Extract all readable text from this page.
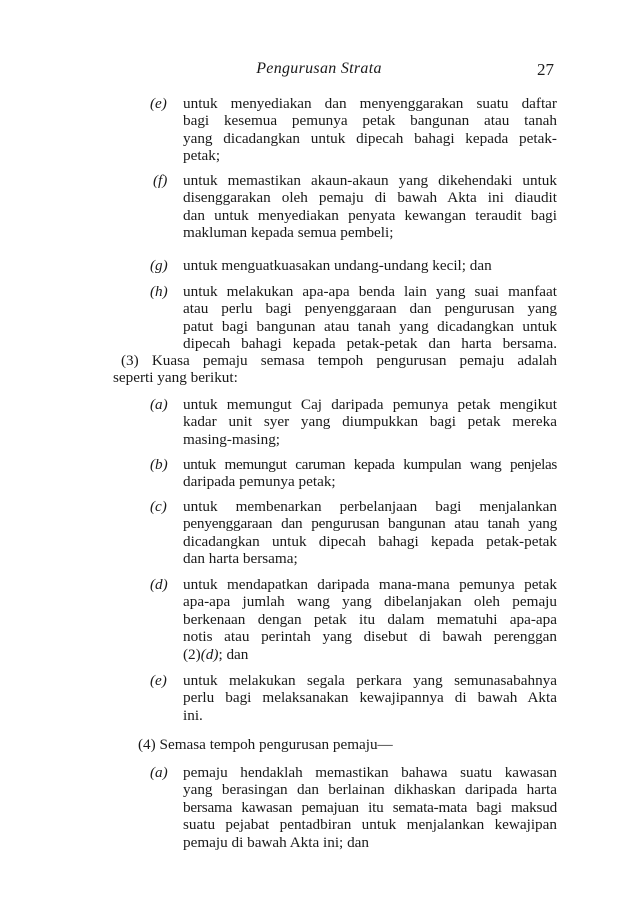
Pengurusan Strata	27
(e)	untuk menyediakan dan menyenggarakan suatu daftar
bagi kesemua pemunya petak bangunan atau tanah
yang dicadangkan untuk dipecah bahagi kepada petak-
petak;
(f)	untuk memastikan akaun-akaun yang dikehendaki untuk
disenggarakan oleh pemaju di bawah Akta ini diaudit
dan untuk menyediakan penyata kewangan teraudit bagi
makluman kepada semua pembeli;
(g)	untuk menguatkuasakan undang-undang kecil; dan
(h)	untuk melakukan apa-apa benda lain yang suai manfaat
atau perlu bagi penyenggaraan dan pengurusan yang
patut bagi bangunan atau tanah yang dicadangkan untuk
dipecah bahagi kepada petak-petak dan harta bersama.
(3) Kuasa pemaju semasa tempoh pengurusan pemaju adalah
seperti yang berikut:
(a)	untuk memungut Caj daripada pemunya petak mengikut
kadar unit syer yang diumpukkan bagi petak mereka
masing-masing;
(b)	untuk memungut caruman kepada kumpulan wang penjelas
daripada pemunya petak;
(c)	untuk membenarkan perbelanjaan bagi menjalankan
penyenggaraan dan pengurusan bangunan atau tanah yang
dicadangkan untuk dipecah bahagi kepada petak-petak
dan harta bersama;
(d)	untuk mendapatkan daripada mana-mana pemunya petak
apa-apa jumlah wang yang dibelanjakan oleh pemaju
berkenaan dengan petak itu dalam mematuhi apa-apa
notis atau perintah yang disebut di bawah perenggan
(2)(d); dan
(e)	untuk melakukan segala perkara yang semunasabahnya
perlu bagi melaksanakan kewajipannya di bawah Akta
ini.
(4) Semasa tempoh pengurusan pemaju—
(a)	pemaju hendaklah memastikan bahawa suatu kawasan
yang berasingan dan berlainan dikhaskan daripada harta
bersama kawasan pemajuan itu semata-mata bagi maksud
suatu pejabat pentadbiran untuk menjalankan kewajipan
pemaju di bawah Akta ini; dan
